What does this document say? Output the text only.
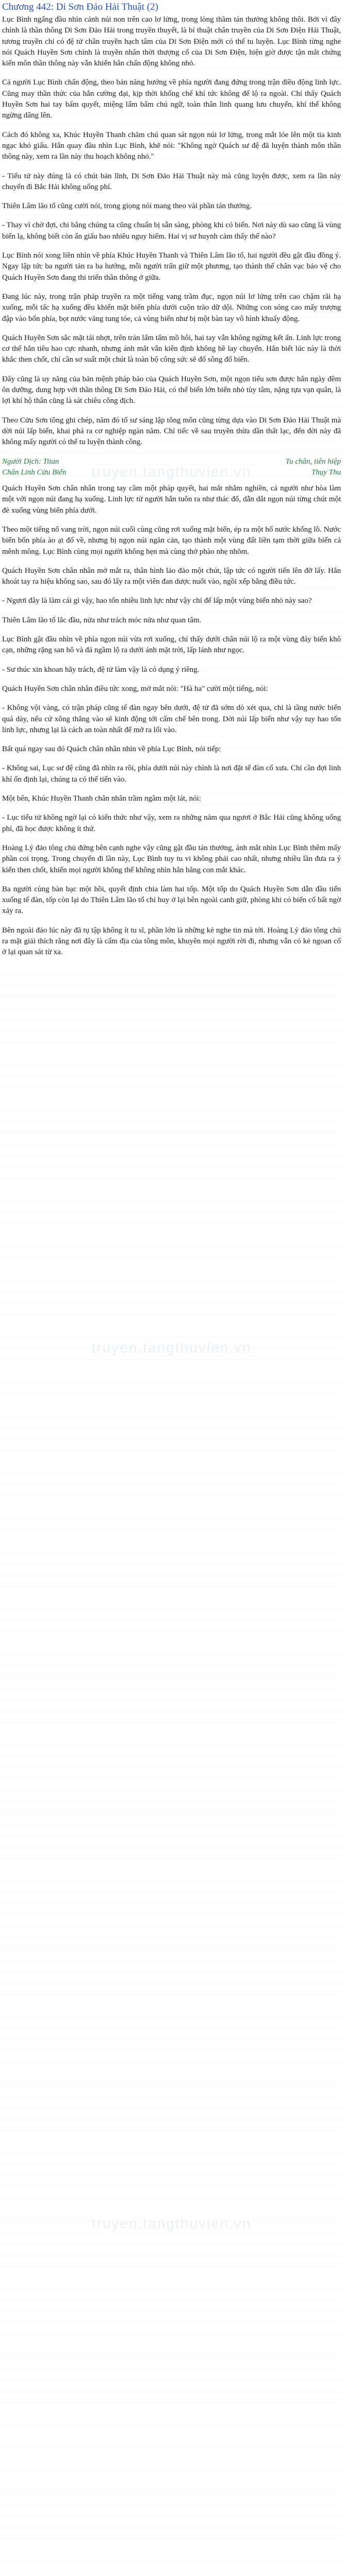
Chương 442: Di Sơn Đảo Hải Thuật (2)

Lục Bình ngẩng đầu nhìn cảnh núi non trên cao lơ lửng, trong lòng thầm tán thưởng không thôi. Bởi vì đây chính là thần thông Di Sơn Đảo Hải trong truyền thuyết, là bí thuật chân truyền của Di Sơn Điện Hải Thuật, tương truyền chỉ có đệ tử chân truyền hạch tâm của Di Sơn Điện mới có thể tu luyện. Lục Bình từng nghe nói Quách Huyền Sơn chính là truyền nhân thời thượng cổ của Di Sơn Điện, hiện giờ được tận mắt chứng kiến môn thần thông này vẫn khiến hắn chấn động không nhỏ.

Cả người Lục Bình chấn động, theo bản năng hướng về phía người đang đứng trong trận điều động linh lực. Cũng may thần thức của hắn cường đại, kịp thời khống chế khí tức không để lộ ra ngoài. Chỉ thấy Quách Huyền Sơn hai tay bấm quyết, miệng lẩm bẩm chú ngữ, toàn thân linh quang lưu chuyển, khí thế không ngừng dâng lên.

Cách đó không xa, Khúc Huyền Thanh chăm chú quan sát ngọn núi lơ lửng, trong mắt lóe lên một tia kinh ngạc khó giấu. Hắn quay đầu nhìn Lục Bình, khẽ nói: "Không ngờ Quách sư đệ đã luyện thành môn thần thông này, xem ra lần này thu hoạch không nhỏ."

- Tiểu tử này đúng là có chút bản lĩnh, Di Sơn Đảo Hải Thuật này mà cũng luyện được, xem ra lần này chuyến đi Bắc Hải không uổng phí.

Thiên Lâm lão tổ cũng cười nói, trong giọng nói mang theo vài phần tán thưởng.

- Thay vì chờ đợi, chi bằng chúng ta cũng chuẩn bị sẵn sàng, phòng khi có biến. Nơi này dù sao cũng là vùng biển lạ, không biết còn ẩn giấu bao nhiêu nguy hiểm. Hai vị sư huynh cảm thấy thế nào?

Lục Bình nói xong liền nhìn về phía Khúc Huyền Thanh và Thiên Lâm lão tổ, hai người đều gật đầu đồng ý. Ngay lập tức ba người tản ra ba hướng, mỗi người trấn giữ một phương, tạo thành thế chân vạc bảo vệ cho Quách Huyền Sơn đang thi triển thần thông ở giữa.

Đang lúc này, trong trận pháp truyền ra một tiếng vang trầm đục, ngọn núi lơ lửng trên cao chậm rãi hạ xuống, mỗi tấc hạ xuống đều khiến mặt biển phía dưới cuộn trào dữ dội. Những con sóng cao mấy trượng đập vào bốn phía, bọt nước văng tung tóe, cả vùng biển như bị một bàn tay vô hình khuấy động.

Quách Huyền Sơn sắc mặt tái nhợt, trên trán lấm tấm mồ hôi, hai tay vẫn không ngừng kết ấn. Linh lực trong cơ thể hắn tiêu hao cực nhanh, nhưng ánh mắt vẫn kiên định không hề lay chuyển. Hắn biết lúc này là thời khắc then chốt, chỉ cần sơ suất một chút là toàn bộ công sức sẽ đổ sông đổ biển.

Đây cũng là uy năng của bản mệnh pháp bảo của Quách Huyền Sơn, một ngọn tiểu sơn được hắn ngày đêm ôn dưỡng, dung hợp với thần thông Di Sơn Đảo Hải, có thể biến lớn biến nhỏ tùy tâm, nặng tựa vạn quân, là lợi khí hộ thân cũng là sát chiêu công địch.

Theo Cửu Sơn tông ghi chép, năm đó tổ sư sáng lập tông môn cũng từng dựa vào Di Sơn Đảo Hải Thuật mà dời núi lấp biển, khai phá ra cơ nghiệp ngàn năm. Chỉ tiếc về sau truyền thừa dần thất lạc, đến đời này đã không mấy người có thể tu luyện thành công.

Người Dịch: Titan	Tu chân, tiên hiệp
Chân Linh Cửu Biến	Thụy Thu

Quách Huyền Sơn chân nhân trong tay cầm một pháp quyết, hai mắt nhắm nghiền, cả người như hòa làm một với ngọn núi đang hạ xuống. Linh lực từ người hắn tuôn ra như thác đổ, dẫn dắt ngọn núi từng chút một đè xuống vùng biển phía dưới.

Theo một tiếng nổ vang trời, ngọn núi cuối cùng cũng rơi xuống mặt biển, ép ra một hố nước khổng lồ. Nước biển bốn phía ào ạt đổ về, nhưng bị ngọn núi ngăn cản, tạo thành một vùng đất liền tạm thời giữa biển cả mênh mông. Lục Bình cùng mọi người không hẹn mà cùng thở phào nhẹ nhõm.

Quách Huyền Sơn chân nhân mở mắt ra, thân hình lảo đảo một chút, lập tức có người tiến lên đỡ lấy. Hắn khoát tay ra hiệu không sao, sau đó lấy ra một viên đan dược nuốt vào, ngồi xếp bằng điều tức.

- Ngươi đây là làm cái gì vậy, hao tổn nhiều linh lực như vậy chỉ để lấp một vùng biển nhỏ này sao?

Thiên Lâm lão tổ lắc đầu, nửa như trách móc nửa như quan tâm.

Lục Bình gật đầu nhìn về phía ngọn núi vừa rơi xuống, chỉ thấy dưới chân núi lộ ra một vùng đáy biển khô cạn, những rặng san hô và đá ngầm lộ ra dưới ánh mặt trời, lấp lánh như ngọc.

- Sư thúc xin khoan hãy trách, đệ tử làm vậy là có dụng ý riêng.

Quách Huyền Sơn chân nhân điều tức xong, mở mắt nói: "Hà ha" cười một tiếng, nói:

- Không vội vàng, có trận pháp cũng tế đàn ngay bên dưới, đệ tử đã sớm dò xét qua, chỉ là tầng nước biển quá dày, nếu cứ xông thẳng vào sẽ kinh động tới cấm chế bên trong. Dời núi lấp biển như vậy tuy hao tổn linh lực, nhưng lại là cách an toàn nhất để mở ra lối vào.

Bất quá ngay sau đó Quách chân nhân nhìn về phía Lục Bình, nói tiếp:

- Không sai, Lục sư đệ cũng đã nhìn ra rồi, phía dưới núi này chính là nơi đặt tế đàn cổ xưa. Chỉ cần đợi linh khí ổn định lại, chúng ta có thể tiến vào.

Một bên, Khúc Huyền Thanh chân nhân trầm ngâm một lát, nói:

- Lục tiểu tử không ngờ lại có kiến thức như vậy, xem ra những năm qua ngươi ở Bắc Hải cũng không uổng phí, đã học được không ít thứ.

Hoàng Lý đảo tông chủ đứng bên cạnh nghe vậy cũng gật đầu tán thưởng, ánh mắt nhìn Lục Bình thêm mấy phần coi trọng. Trong chuyến đi lần này, Lục Bình tuy tu vi không phải cao nhất, nhưng nhiều lần đưa ra ý kiến then chốt, khiến mọi người không thể không nhìn hắn bằng con mắt khác.

Ba người cùng bàn bạc một hồi, quyết định chia làm hai tốp. Một tốp do Quách Huyền Sơn dẫn đầu tiến xuống tế đàn, tốp còn lại do Thiên Lâm lão tổ chỉ huy ở lại bên ngoài canh giữ, phòng khi có biến cố bất ngờ xảy ra.

Bên ngoài đảo lúc này đã tụ tập không ít tu sĩ, phần lớn là những kẻ nghe tin mà tới. Hoàng Lý đảo tông chủ ra mặt giải thích rằng nơi đây là cấm địa của tông môn, khuyên mọi người rời đi, nhưng vẫn có kẻ ngoan cố ở lại quan sát từ xa.

truyen.tangthuvien.vn
truyen.tangthuvien.vn
truyen.tangthuvien.vn
